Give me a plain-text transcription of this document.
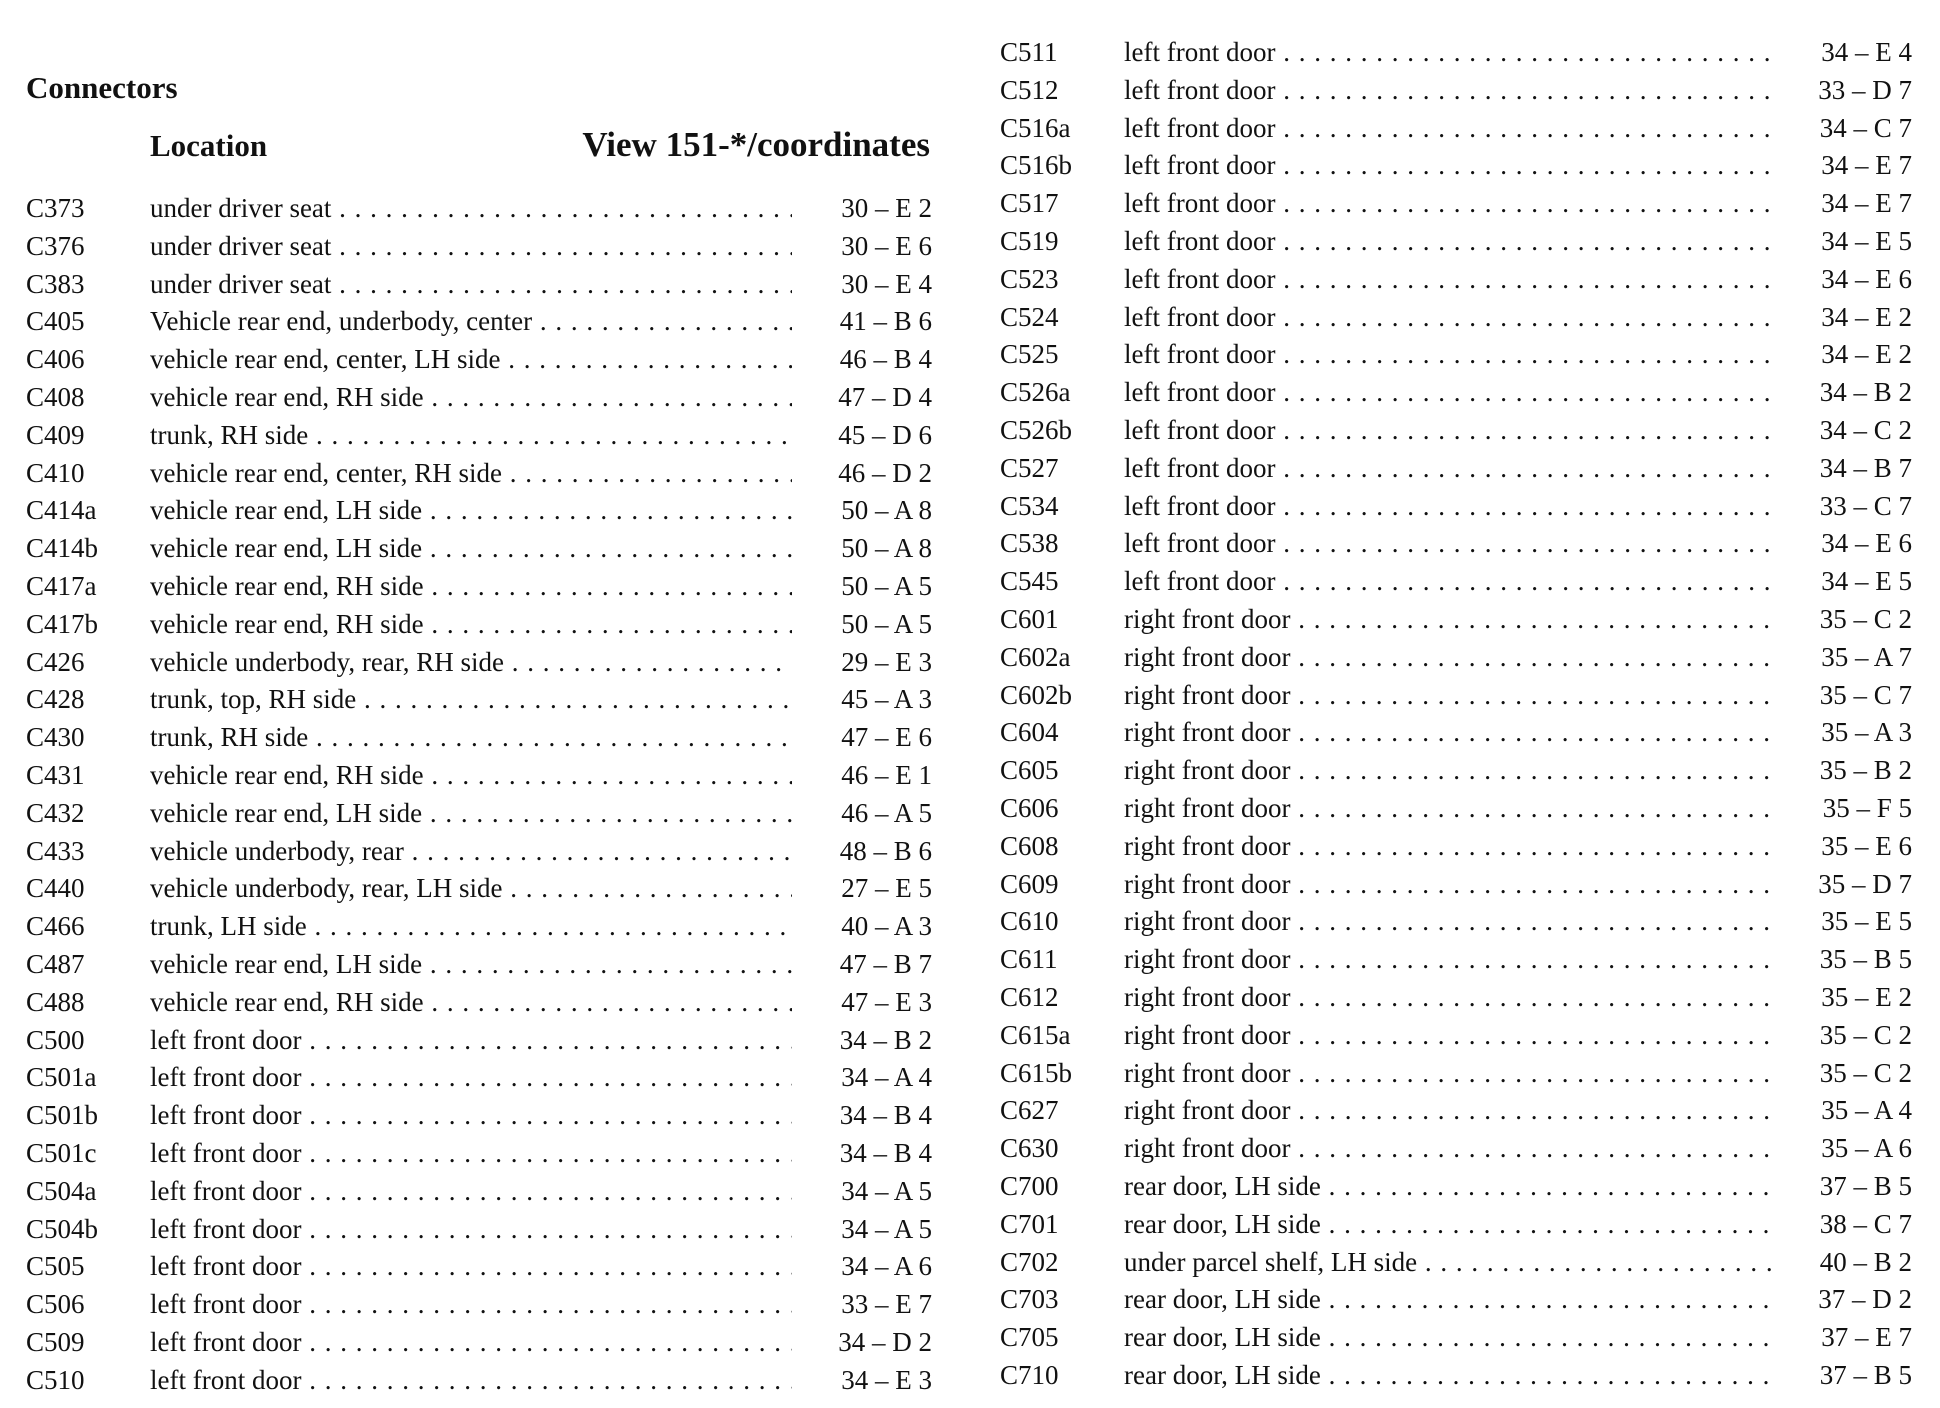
Connectors
Location	View 151-*/coordinates
C373	under driver seat . . .	30 – E 2
C376	under driver seat . . .	30 – E 6
C383	under driver seat . . .	30 – E 4
C405	Vehicle rear end, underbody, center . . .	41 – B 6
C406	vehicle rear end, center, LH side . . .	46 – B 4
C408	vehicle rear end, RH side . . .	47 – D 4
C409	trunk, RH side . . .	45 – D 6
C410	vehicle rear end, center, RH side . . .	46 – D 2
C414a	vehicle rear end, LH side . . .	50 – A 8
C414b	vehicle rear end, LH side . . .	50 – A 8
C417a	vehicle rear end, RH side . . .	50 – A 5
C417b	vehicle rear end, RH side . . .	50 – A 5
C426	vehicle underbody, rear, RH side . . .	29 – E 3
C428	trunk, top, RH side . . .	45 – A 3
C430	trunk, RH side . . .	47 – E 6
C431	vehicle rear end, RH side . . .	46 – E 1
C432	vehicle rear end, LH side . . .	46 – A 5
C433	vehicle underbody, rear . . .	48 – B 6
C440	vehicle underbody, rear, LH side . . .	27 – E 5
C466	trunk, LH side . . .	40 – A 3
C487	vehicle rear end, LH side . . .	47 – B 7
C488	vehicle rear end, RH side . . .	47 – E 3
C500	left front door . . .	34 – B 2
C501a	left front door . . .	34 – A 4
C501b	left front door . . .	34 – B 4
C501c	left front door . . .	34 – B 4
C504a	left front door . . .	34 – A 5
C504b	left front door . . .	34 – A 5
C505	left front door . . .	34 – A 6
C506	left front door . . .	33 – E 7
C509	left front door . . .	34 – D 2
C510	left front door . . .	34 – E 3
C511	left front door . . .	34 – E 4
C512	left front door . . .	33 – D 7
C516a	left front door . . .	34 – C 7
C516b	left front door . . .	34 – E 7
C517	left front door . . .	34 – E 7
C519	left front door . . .	34 – E 5
C523	left front door . . .	34 – E 6
C524	left front door . . .	34 – E 2
C525	left front door . . .	34 – E 2
C526a	left front door . . .	34 – B 2
C526b	left front door . . .	34 – C 2
C527	left front door . . .	34 – B 7
C534	left front door . . .	33 – C 7
C538	left front door . . .	34 – E 6
C545	left front door . . .	34 – E 5
C601	right front door . . .	35 – C 2
C602a	right front door . . .	35 – A 7
C602b	right front door . . .	35 – C 7
C604	right front door . . .	35 – A 3
C605	right front door . . .	35 – B 2
C606	right front door . . .	35 – F 5
C608	right front door . . .	35 – E 6
C609	right front door . . .	35 – D 7
C610	right front door . . .	35 – E 5
C611	right front door . . .	35 – B 5
C612	right front door . . .	35 – E 2
C615a	right front door . . .	35 – C 2
C615b	right front door . . .	35 – C 2
C627	right front door . . .	35 – A 4
C630	right front door . . .	35 – A 6
C700	rear door, LH side . . .	37 – B 5
C701	rear door, LH side . . .	38 – C 7
C702	under parcel shelf, LH side . . .	40 – B 2
C703	rear door, LH side . . .	37 – D 2
C705	rear door, LH side . . .	37 – E 7
C710	rear door, LH side . . .	37 – B 5
